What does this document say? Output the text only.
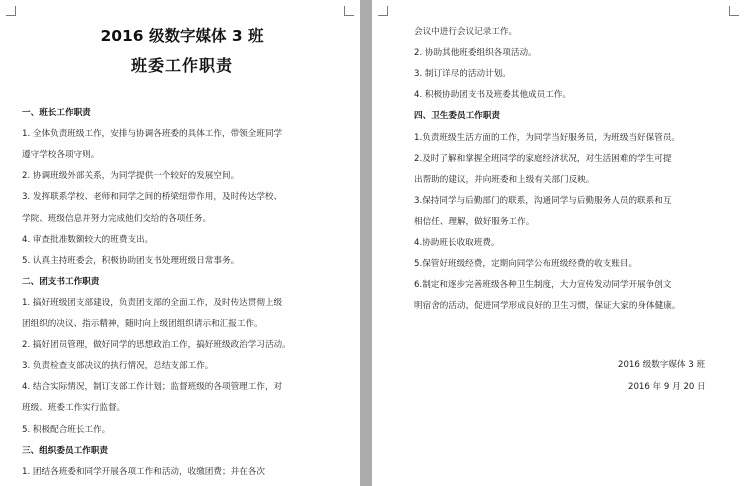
2016 级数字媒体 3 班
班委工作职责
一、班长工作职责
1. 全体负责班级工作，安排与协调各班委的具体工作，带领全班同学
遵守学校各项守则。
2. 协调班级外部关系，为同学提供一个较好的发展空间。
3. 发挥联系学校、老师和同学之间的桥梁纽带作用，及时传达学校、
学院、班级信息并努力完成他们交给的各项任务。
4. 审查批准数额较大的班费支出。
5. 认真主持班委会，积极协助团支书处理班级日常事务。
二、团支书工作职责
1. 搞好班级团支部建设，负责团支部的全面工作，及时传达贯彻上级
团组织的决议、指示精神，随时向上级团组织请示和汇报工作。
2. 搞好团员管理，做好同学的思想政治工作，搞好班级政治学习活动。
3. 负责检查支部决议的执行情况，总结支部工作。
4. 结合实际情况，制订支部工作计划；监督班级的各项管理工作，对
班级、班委工作实行监督。
5. 积极配合班长工作。
三、组织委员工作职责
1. 团结各班委和同学开展各项工作和活动，收缴团费；并在各次
会议中进行会议记录工作。
2. 协助其他班委组织各项活动。
3. 制订详尽的活动计划。
4. 积极协助团支书及班委其他成员工作。
四、卫生委员工作职责
1.负责班级生活方面的工作，为同学当好服务员，为班级当好保管员。
2.及时了解和掌握全班同学的家庭经济状况，对生活困难的学生可提
出帮助的建议，并向班委和上级有关部门反映。
3.保持同学与后勤部门的联系，沟通同学与后勤服务人员的联系和互
相信任、理解，做好服务工作。
4.协助班长收取班费。
5.保管好班级经费，定期向同学公布班级经费的收支账目。
6.制定和逐步完善班级各种卫生制度，大力宣传发动同学开展争创文
明宿舍的活动，促进同学形成良好的卫生习惯，保证大家的身体健康。
2016 级数字媒体 3 班
2016 年 9 月 20 日
